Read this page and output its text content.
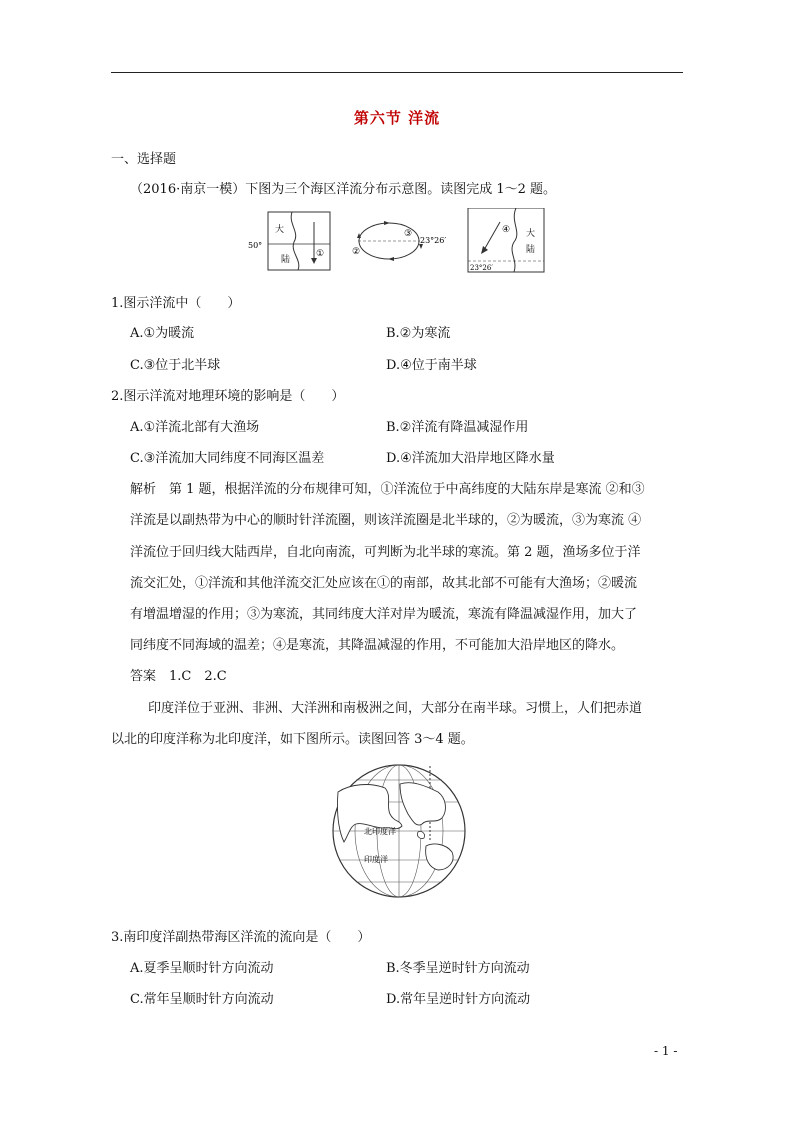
第六节 洋流
一、选择题
（2016·南京一模）下图为三个海区洋流分布示意图。读图完成 1～2 题。
50°
大
陆
①	②
③
23°26′
④ 大
陆
23°26′
1.图示洋流中（　　）
A.①为暖流	B.②为寒流
C.③位于北半球	D.④位于南半球
2.图示洋流对地理环境的影响是（　　）
A.①洋流北部有大渔场	B.②洋流有降温减湿作用
C.③洋流加大同纬度不同海区温差	D.④洋流加大沿岸地区降水量
解析　第 1 题，根据洋流的分布规律可知，①洋流位于中高纬度的大陆东岸是寒流 ②和③
洋流是以副热带为中心的顺时针洋流圈，则该洋流圈是北半球的，②为暖流，③为寒流 ④
洋流位于回归线大陆西岸，自北向南流，可判断为北半球的寒流。第 2 题，渔场多位于洋
流交汇处，①洋流和其他洋流交汇处应该在①的南部，故其北部不可能有大渔场；②暖流
有增温增湿的作用；③为寒流，其同纬度大洋对岸为暖流，寒流有降温减湿作用，加大了
同纬度不同海域的温差；④是寒流，其降温减湿的作用，不可能加大沿岸地区的降水。
答案　1.C　2.C
印度洋位于亚洲、非洲、大洋洲和南极洲之间，大部分在南半球。习惯上，人们把赤道
以北的印度洋称为北印度洋，如下图所示。读图回答 3～4 题。
北印度洋
印度洋
3.南印度洋副热带海区洋流的流向是（　　）
A.夏季呈顺时针方向流动	B.冬季呈逆时针方向流动
C.常年呈顺时针方向流动	D.常年呈逆时针方向流动
- 1 -
